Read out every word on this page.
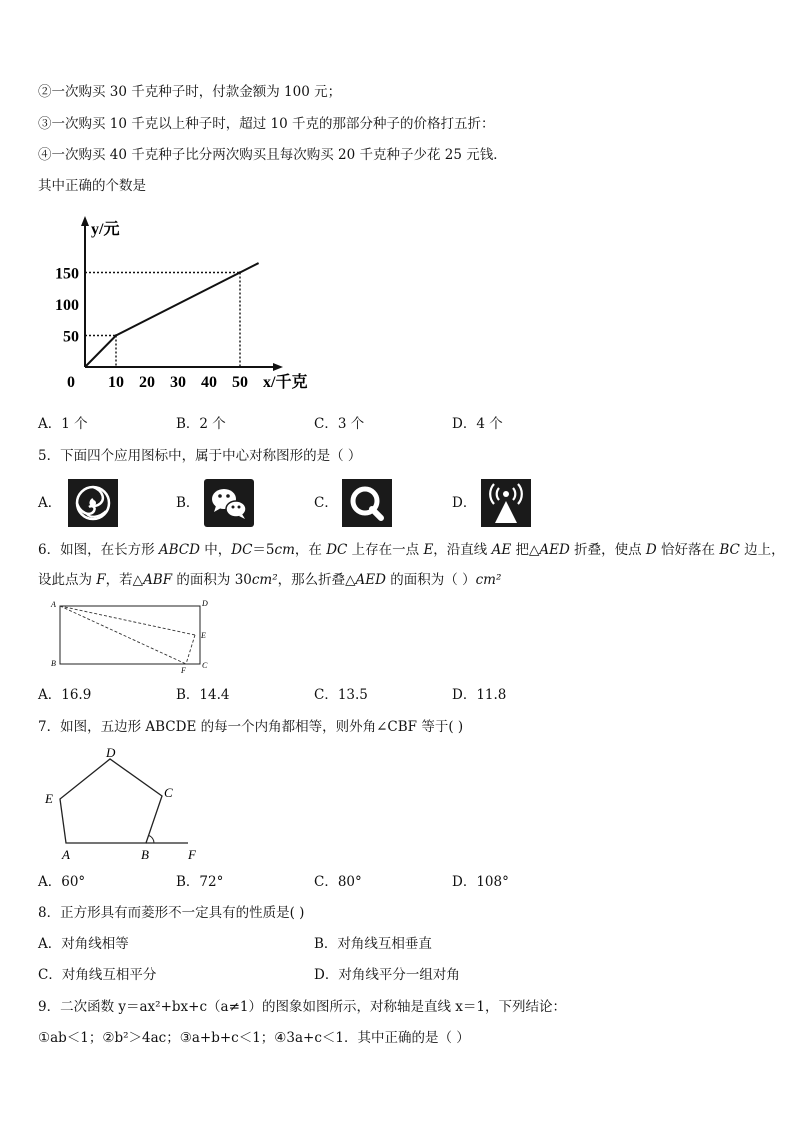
②一次购买 30 千克种子时，付款金额为 100 元；
③一次购买 10 千克以上种子时，超过 10 千克的那部分种子的价格打五折：
④一次购买 40 千克种子比分两次购买且每次购买 20 千克种子少花 25 元钱．
其中正确的个数是
y/元
x/千克
0 10 20 30 40 50
50
100
150
A．1 个	B．2 个	C．3 个	D．4 个
5．下面四个应用图标中，属于中心对称图形的是（ ）
A．	B．	C．	D．
6．如图，在长方形 ABCD 中，DC＝5cm，在 DC 上存在一点 E，沿直线 AE 把△AED 折叠，使点 D 恰好落在 BC 边上，
设此点为 F，若△ABF 的面积为 30cm²，那么折叠△AED 的面积为（ ）cm²
A
B	C
D
E
F
A．16.9	B．14.4	C．13.5	D．11.8
7．如图，五边形 ABCDE 的每一个内角都相等，则外角∠CBF 等于( )
A	B
C
D
E
F
A．60°	B．72°	C．80°	D．108°
8．正方形具有而菱形不一定具有的性质是( )
A．对角线相等	B．对角线互相垂直
C．对角线互相平分	D．对角线平分一组对角
9．二次函数 y＝ax²+bx+c（a≠1）的图象如图所示，对称轴是直线 x＝1，下列结论：
①ab＜1；②b²＞4ac；③a+b+c＜1；④3a+c＜1．其中正确的是（ ）
